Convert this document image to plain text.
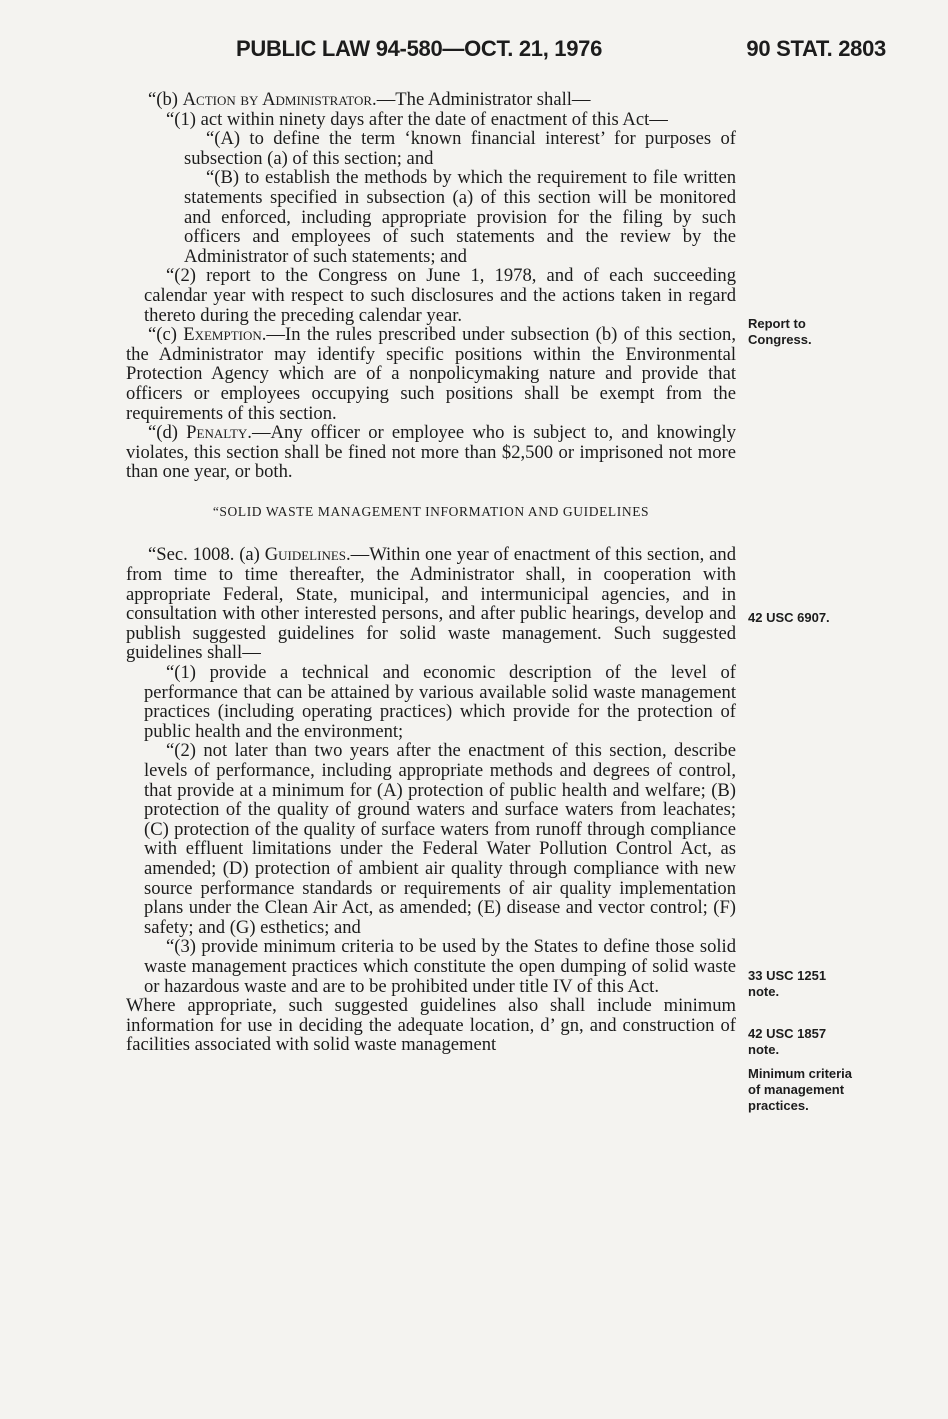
PUBLIC LAW 94-580—OCT. 21, 1976	90 STAT. 2803

“(b) Action by Administrator.—The Administrator shall—

“(1) act within ninety days after the date of enactment of this Act—

“(A) to define the term ‘known financial interest’ for purposes of subsection (a) of this section; and

“(B) to establish the methods by which the requirement to file written statements specified in subsection (a) of this section will be monitored and enforced, including appropriate provision for the filing by such officers and employees of such statements and the review by the Administrator of such statements; and

“(2) report to the Congress on June 1, 1978, and of each succeeding calendar year with respect to such disclosures and the actions taken in regard thereto during the preceding calendar year.

“(c) Exemption.—In the rules prescribed under subsection (b) of this section, the Administrator may identify specific positions within the Environmental Protection Agency which are of a nonpolicymaking nature and provide that officers or employees occupying such positions shall be exempt from the requirements of this section.

“(d) Penalty.—Any officer or employee who is subject to, and knowingly violates, this section shall be fined not more than $2,500 or imprisoned not more than one year, or both.

“SOLID WASTE MANAGEMENT INFORMATION AND GUIDELINES

“Sec. 1008. (a) Guidelines.—Within one year of enactment of this section, and from time to time thereafter, the Administrator shall, in cooperation with appropriate Federal, State, municipal, and intermunicipal agencies, and in consultation with other interested persons, and after public hearings, develop and publish suggested guidelines for solid waste management. Such suggested guidelines shall—

“(1) provide a technical and economic description of the level of performance that can be attained by various available solid waste management practices (including operating practices) which provide for the protection of public health and the environment;

“(2) not later than two years after the enactment of this section, describe levels of performance, including appropriate methods and degrees of control, that provide at a minimum for (A) protection of public health and welfare; (B) protection of the quality of ground waters and surface waters from leachates; (C) protection of the quality of surface waters from runoff through compliance with effluent limitations under the Federal Water Pollution Control Act, as amended; (D) protection of ambient air quality through compliance with new source performance standards or requirements of air quality implementation plans under the Clean Air Act, as amended; (E) disease and vector control; (F) safety; and (G) esthetics; and

“(3) provide minimum criteria to be used by the States to define those solid waste management practices which constitute the open dumping of solid waste or hazardous waste and are to be prohibited under title IV of this Act.

Where appropriate, such suggested guidelines also shall include minimum information for use in deciding the adequate location, d’ gn, and construction of facilities associated with solid waste management

Report to
Congress.
42 USC 6907.
33 USC 1251
note.
42 USC 1857
note.
Minimum criteria
of management
practices.
